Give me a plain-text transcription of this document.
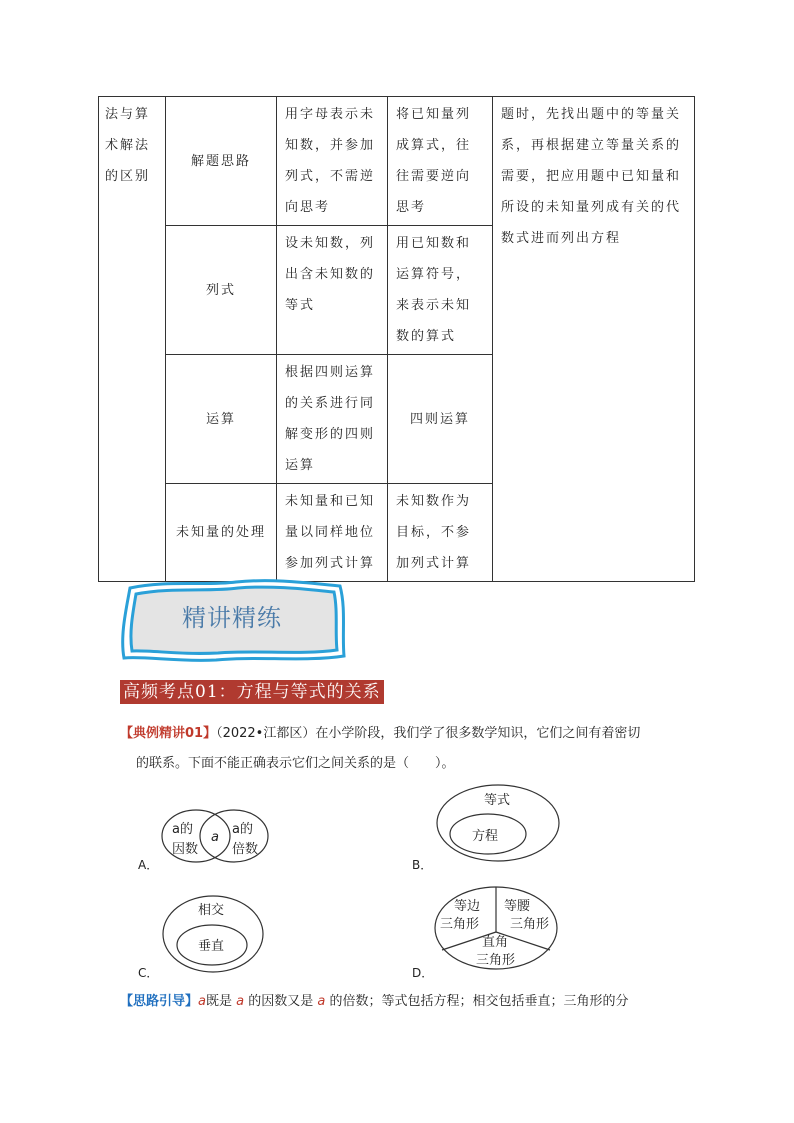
法与算术解法的区别	解题思路	用字母表示未知数，并参加列式，不需逆向思考	将已知量列成算式，往往需要逆向思考	题时，先找出题中的等量关系，再根据建立等量关系的需要，把应用题中已知量和所设的未知量列成有关的代数式进而列出方程
	列式	设未知数，列出含未知数的等式	用已知数和运算符号，来表示未知数的算式	
	运算	根据四则运算的关系进行同解变形的四则运算	四则运算	
	未知量的处理	未知量和已知量以同样地位参加列式计算	未知数作为目标，不参加列式计算	
精讲精练
高频考点01：方程与等式的关系
【典例精讲01】（2022•江都区）在小学阶段，我们学了很多数学知识，它们之间有着密切
的联系。下面不能正确表示它们之间关系的是（　　）。
a的
因数
a
a的
倍数
A．
等式
方程
B．
相交
垂直
C．
等边
三角形
等腰
三角形
直角
三角形
D．
【思路引导】a既是 a 的因数又是 a 的倍数；等式包括方程；相交包括垂直；三角形的分
